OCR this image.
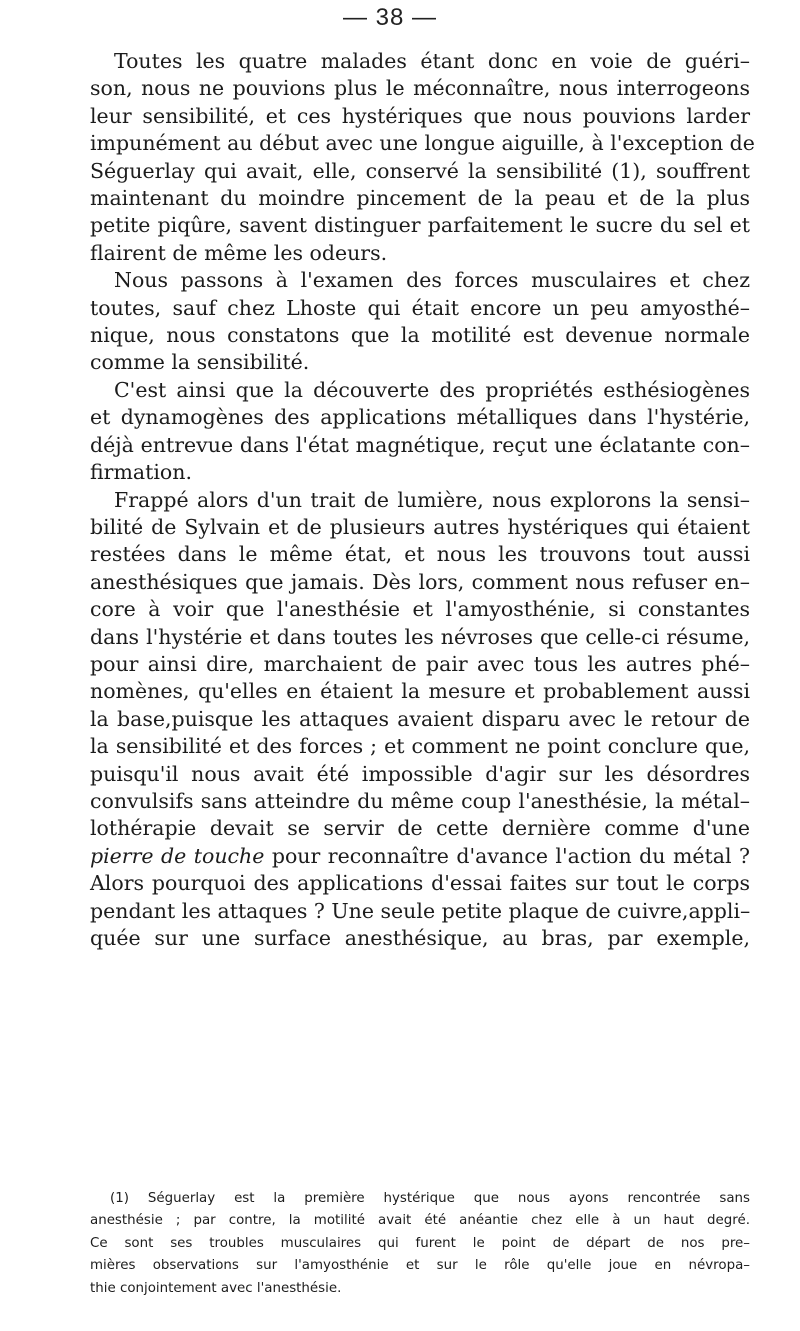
— 38 —
Toutes les quatre malades étant donc en voie de guéri–
son, nous ne pouvions plus le méconnaître, nous interrogeons
leur sensibilité, et ces hystériques que nous pouvions larder
impunément au début avec une longue aiguille, à l'exception de
Séguerlay qui avait, elle, conservé la sensibilité (1), souffrent
maintenant du moindre pincement de la peau et de la plus
petite piqûre, savent distinguer parfaitement le sucre du sel et
flairent de même les odeurs.
Nous passons à l'examen des forces musculaires et chez
toutes, sauf chez Lhoste qui était encore un peu amyosthé–
nique, nous constatons que la motilité est devenue normale
comme la sensibilité.
C'est ainsi que la découverte des propriétés esthésiogènes
et dynamogènes des applications métalliques dans l'hystérie,
déjà entrevue dans l'état magnétique, reçut une éclatante con–
firmation.
Frappé alors d'un trait de lumière, nous explorons la sensi–
bilité de Sylvain et de plusieurs autres hystériques qui étaient
restées dans le même état, et nous les trouvons tout aussi
anesthésiques que jamais. Dès lors, comment nous refuser en–
core à voir que l'anesthésie et l'amyosthénie, si constantes
dans l'hystérie et dans toutes les névroses que celle-ci résume,
pour ainsi dire, marchaient de pair avec tous les autres phé–
nomènes, qu'elles en étaient la mesure et probablement aussi
la base,puisque les attaques avaient disparu avec le retour de
la sensibilité et des forces ; et comment ne point conclure que,
puisqu'il nous avait été impossible d'agir sur les désordres
convulsifs sans atteindre du même coup l'anesthésie, la métal–
lothérapie devait se servir de cette dernière comme d'une
pierre de touche pour reconnaître d'avance l'action du métal ?
Alors pourquoi des applications d'essai faites sur tout le corps
pendant les attaques ? Une seule petite plaque de cuivre,appli–
quée sur une surface anesthésique, au bras, par exemple,
(1) Séguerlay est la première hystérique que nous ayons rencontrée sans
anesthésie ; par contre, la motilité avait été anéantie chez elle à un haut degré.
Ce sont ses troubles musculaires qui furent le point de départ de nos pre–
mières observations sur l'amyosthénie et sur le rôle qu'elle joue en névropa–
thie conjointement avec l'anesthésie.
